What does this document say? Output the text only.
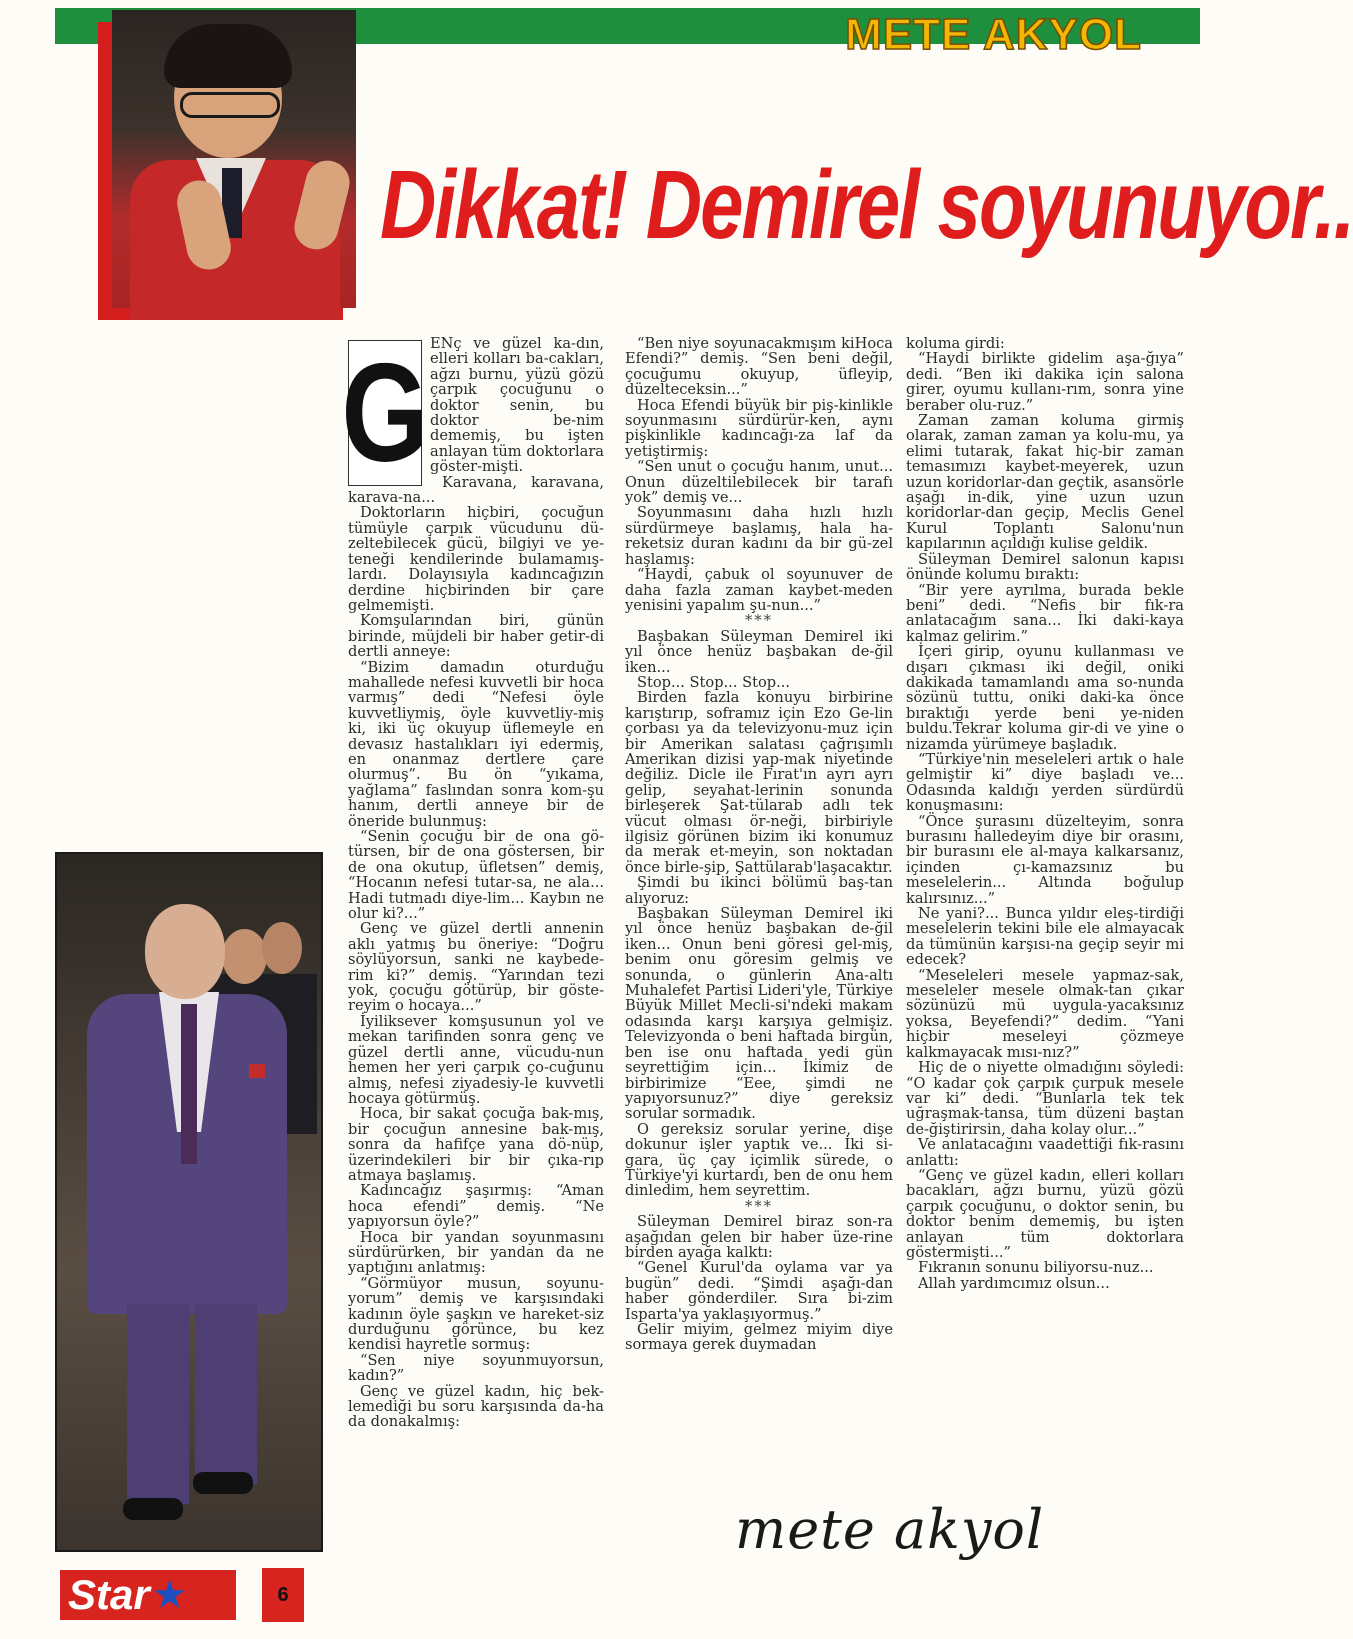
METE AKYOL
Dikkat! Demirel soyunuyor..
G ENç ve güzel ka-dın, elleri kolları ba-cakları, ağzı burnu, yüzü gözü çarpık çocuğunu o doktor senin, bu doktor be-nim dememiş, bu işten anlayan tüm doktorlara göster-mişti.

Karavana, karavana, karava-na...

Doktorların hiçbiri, çocuğun tümüyle çarpık vücudunu dü-zeltebilecek gücü, bilgiyi ve ye-teneği kendilerinde bulamamış-lardı. Dolayısıyla kadıncağızın derdine hiçbirinden bir çare gelmemişti.

Komşularından biri, günün birinde, müjdeli bir haber getir-di dertli anneye:

“Bizim damadın oturduğu mahallede nefesi kuvvetli bir hoca varmış” dedi “Nefesi öyle kuvvetliymiş, öyle kuvvetliy-miş ki, iki üç okuyup üflemeyle en devasız hastalıkları iyi edermiş, en onanmaz dertlere çare olurmuş”. Bu ön “yıkama, yağlama” faslından sonra kom-şu hanım, dertli anneye bir de öneride bulunmuş:

“Senin çocuğu bir de ona gö-türsen, bir de ona göstersen, bir de ona okutup, üfletsen” demiş, “Hocanın nefesi tutar-sa, ne ala... Hadi tutmadı diye-lim... Kaybın ne olur ki?...”

Genç ve güzel dertli annenin aklı yatmış bu öneriye: “Doğru söylüyorsun, sanki ne kaybede-rim ki?” demiş. “Yarından tezi yok, çocuğu götürüp, bir göste-reyim o hocaya...”

İyiliksever komşusunun yol ve mekan tarifinden sonra genç ve güzel dertli anne, vücudu-nun hemen her yeri çarpık ço-cuğunu almış, nefesi ziyadesiy-le kuvvetli hocaya götürmüş.

Hoca, bir sakat çocuğa bak-mış, bir çocuğun annesine bak-mış, sonra da hafifçe yana dö-nüp, üzerindekileri bir bir çıka-rıp atmaya başlamış.

Kadıncağız şaşırmış: “Aman hoca efendi” demiş. “Ne yapıyorsun öyle?”

Hoca bir yandan soyunmasını sürdürürken, bir yandan da ne yaptığını anlatmış:

“Görmüyor musun, soyunu-yorum” demiş ve karşısındaki kadının öyle şaşkın ve hareket-siz durduğunu görünce, bu kez kendisi hayretle sormuş:

“Sen niye soyunmuyorsun, kadın?”

Genç ve güzel kadın, hiç bek-lemediği bu soru karşısında da-ha da donakalmış:

“Ben niye soyunacakmışım kiHoca Efendi?” demiş. “Sen beni değil, çocuğumu okuyup, üfleyip, düzelteceksin...”

Hoca Efendi büyük bir piş-kinlikle soyunmasını sürdürür-ken, aynı pişkinlikle kadıncağı-za laf da yetiştirmiş:

“Sen unut o çocuğu hanım, unut... Onun düzeltilebilecek bir tarafı yok” demiş ve...

Soyunmasını daha hızlı hızlı sürdürmeye başlamış, hala ha-reketsiz duran kadını da bir gü-zel haşlamış:

“Haydi, çabuk ol soyunuver de daha fazla zaman kaybet-meden yenisini yapalım şu-nun...”

***

Başbakan Süleyman Demirel iki yıl önce henüz başbakan de-ğil iken...

Stop... Stop... Stop...

Birden fazla konuyu birbirine karıştırıp, soframız için Ezo Ge-lin çorbası ya da televizyonu-muz için bir Amerikan salatası çağrışımlı Amerikan dizisi yap-mak niyetinde değiliz. Dicle ile Fırat'ın ayrı ayrı gelip, seyahat-lerinin sonunda birleşerek Şat-tülarab adlı tek vücut olması ör-neği, birbiriyle ilgisiz görünen bizim iki konumuz da merak et-meyin, son noktadan önce birle-şip, Şattülarab'laşacaktır.

Şimdi bu ikinci bölümü baş-tan alıyoruz:

Başbakan Süleyman Demirel iki yıl önce henüz başbakan de-ğil iken... Onun beni göresi gel-miş, benim onu göresim gelmiş ve sonunda, o günlerin Ana-altı Muhalefet Partisi Lideri'yle, Türkiye Büyük Millet Mecli-si'ndeki makam odasında karşı karşıya gelmişiz. Televizyonda o beni haftada birgün, ben ise onu haftada yedi gün seyrettiğim için... İkimiz de birbirimize “Eee, şimdi ne yapıyorsunuz?” diye gereksiz sorular sormadık.

O gereksiz sorular yerine, dişe dokunur işler yaptık ve... İki si-gara, üç çay içimlik sürede, o Türkiye'yi kurtardı, ben de onu hem dinledim, hem seyrettim.

***

Süleyman Demirel biraz son-ra aşağıdan gelen bir haber üze-rine birden ayağa kalktı:

“Genel Kurul'da oylama var ya bugün” dedi. “Şimdi aşağı-dan haber gönderdiler. Sıra bi-zim Isparta'ya yaklaşıyormuş.”

Gelir miyim, gelmez miyim diye sormaya gerek duymadan

koluma girdi:

“Haydi birlikte gidelim aşa-ğıya” dedi. “Ben iki dakika için salona girer, oyumu kullanı-rım, sonra yine beraber olu-ruz.”

Zaman zaman koluma girmiş olarak, zaman zaman ya kolu-mu, ya elimi tutarak, fakat hiç-bir zaman temasımızı kaybet-meyerek, uzun uzun koridorlar-dan geçtik, asansörle aşağı in-dik, yine uzun uzun koridorlar-dan geçip, Meclis Genel Kurul Toplantı Salonu'nun kapılarının açıldığı kulise geldik.

Süleyman Demirel salonun kapısı önünde kolumu bıraktı:

“Bir yere ayrılma, burada bekle beni” dedi. “Nefis bir fık-ra anlatacağım sana... İki daki-kaya kalmaz gelirim.”

İçeri girip, oyunu kullanması ve dışarı çıkması iki değil, oniki dakikada tamamlandı ama so-nunda sözünü tuttu, oniki daki-ka önce bıraktığı yerde beni ye-niden buldu.Tekrar koluma gir-di ve yine o nizamda yürümeye başladık.

“Türkiye'nin meseleleri artık o hale gelmiştir ki” diye başladı ve... Odasında kaldığı yerden sürdürdü konuşmasını:

“Önce şurasını düzelteyim, sonra burasını halledeyim diye bir orasını, bir burasını ele al-maya kalkarsanız, içinden çı-kamazsınız bu meselelerin... Altında boğulup kalırsınız...”

Ne yani?... Bunca yıldır eleş-tirdiği meselelerin tekini bile ele almayacak da tümünün karşısı-na geçip seyir mi edecek?

“Meseleleri mesele yapmaz-sak, meseleler mesele olmak-tan çıkar sözünüzü mü uygula-yacaksınız yoksa, Beyefendi?” dedim. “Yani hiçbir meseleyi çözmeye kalkmayacak mısı-nız?”

Hiç de o niyette olmadığını söyledi: “O kadar çok çarpık çurpuk mesele var ki” dedi. “Bunlarla tek tek uğraşmak-tansa, tüm düzeni baştan de-ğiştirirsin, daha kolay olur...”

Ve anlatacağını vaadettiği fık-rasını anlattı:

“Genç ve güzel kadın, elleri kolları bacakları, ağzı burnu, yüzü gözü çarpık çocuğunu, o doktor senin, bu doktor benim dememiş, bu işten anlayan tüm doktorlara göstermişti...”

Fıkranın sonunu biliyorsu-nuz...

Allah yardımcımız olsun...

mete akyol
Star ★	6
